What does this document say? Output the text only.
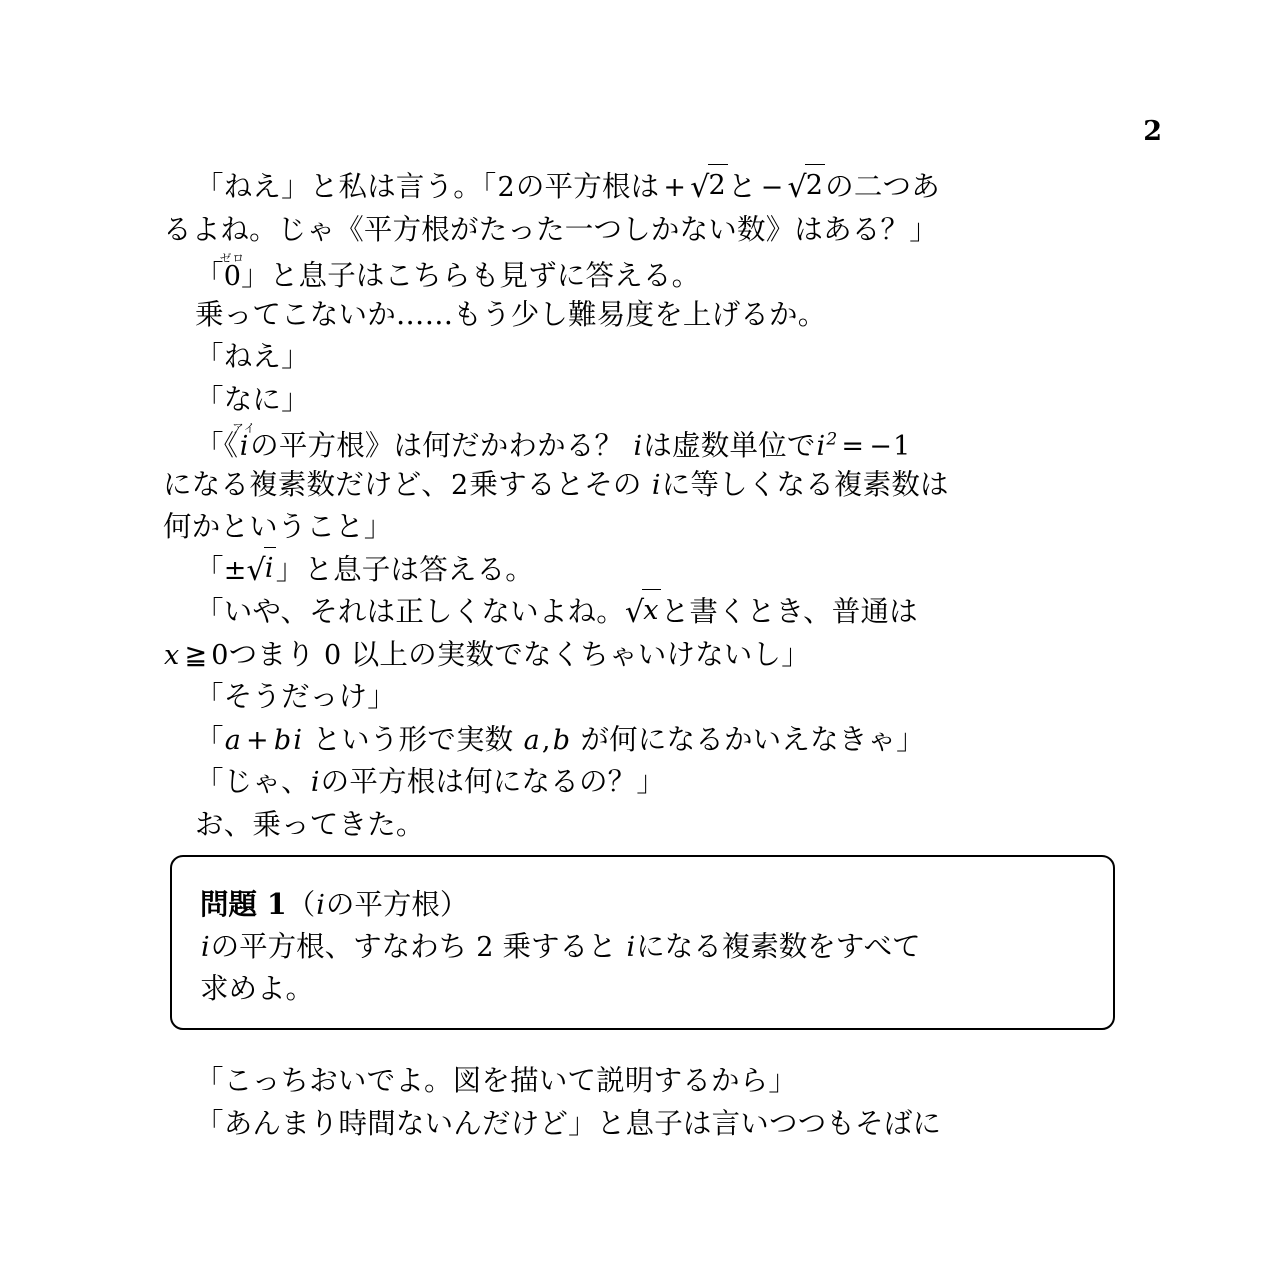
2
「ねえ」と私は言う。「2の平方根は + √2と − √2の二つあ
るよね。じゃ《平方根がたった一つしかない数》はある？」
「0ゼロ」と息子はこちらも見ずに答える。
乗ってこないか……もう少し難易度を上げるか。
「ねえ」
「なに」
「《iアイの平方根》は何だかわかる？ iは虚数単位で$i^2 = -1$
になる複素数だけど、2乗するとその iに等しくなる複素数は
何かということ」
「±√i」と息子は答える。
「いや、それは正しくないよね。√xと書くとき、普通は
x ≧ 0つまり 0 以上の実数でなくちゃいけないし」
「そうだっけ」
「a + bi という形で実数 a,b が何になるかいえなきゃ」
「じゃ、iの平方根は何になるの？」
お、乗ってきた。
問題 1（iの平方根）
iの平方根、すなわち 2 乗すると iになる複素数をすべて
求めよ。
「こっちおいでよ。図を描いて説明するから」
「あんまり時間ないんだけど」と息子は言いつつもそばに
